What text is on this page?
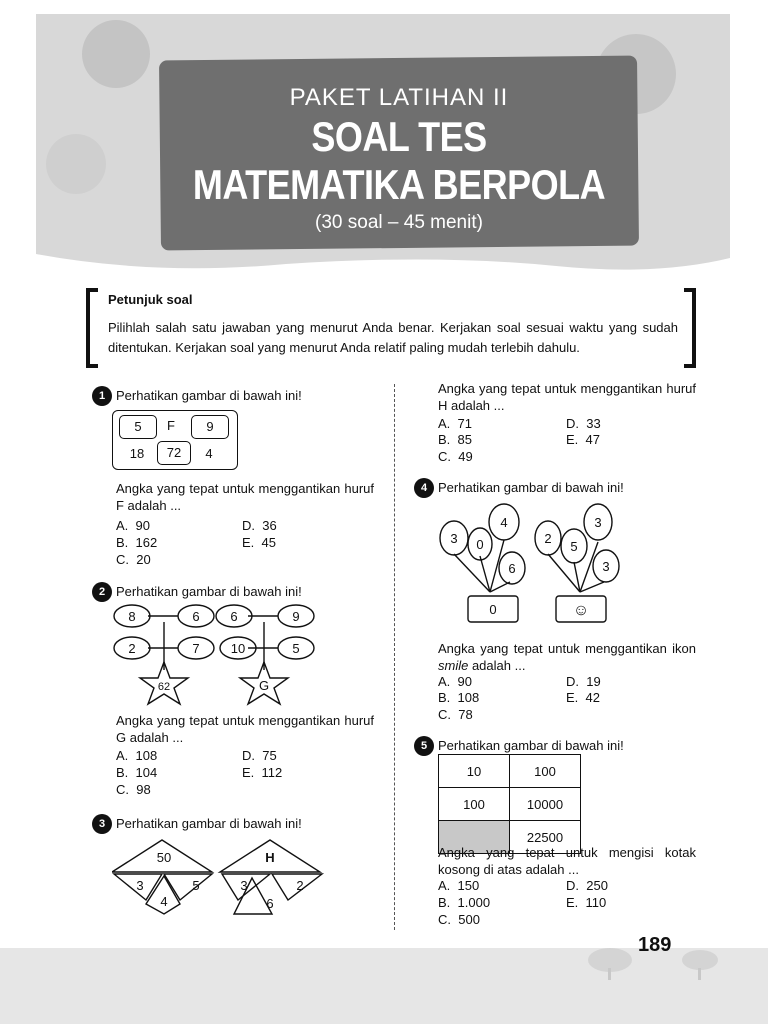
PAKET LATIHAN II
SOAL TES
MATEMATIKA BERPOLA
(30 soal – 45 menit)
Petunjuk soal
Pilihlah salah satu jawaban yang menurut Anda benar. Kerjakan soal sesuai waktu yang sudah ditentukan. Kerjakan soal yang menurut Anda relatif paling mudah terlebih dahulu.
1 Perhatikan gambar di bawah ini!
5	F	9
18	72	4
Angka yang tepat untuk menggantikan huruf F adalah ...
A. 90
B. 162
C. 20
D. 36
E. 45
2 Perhatikan gambar di bawah ini!
8	6
2	7
62
6	9
10	5
G
Angka yang tepat untuk menggantikan huruf G adalah ...
A. 108
B. 104
C. 98
D. 75
E. 112
3 Perhatikan gambar di bawah ini!
50
3	5
4
H
3	2
6
Angka yang tepat untuk menggantikan huruf H adalah ...
A. 71
B. 85
C. 49
D. 33
E. 47
4 Perhatikan gambar di bawah ini!
3 0
4
6
0
2
5
3
3
☺
Angka yang tepat untuk menggantikan ikon smile adalah ...
A. 90
B. 108
C. 78
D. 19
E. 42
5 Perhatikan gambar di bawah ini!
10	100
100	10000
	22500
Angka yang tepat untuk mengisi kotak kosong di atas adalah ...
A. 150
B. 1.000
C. 500
D. 250
E. 110
189
